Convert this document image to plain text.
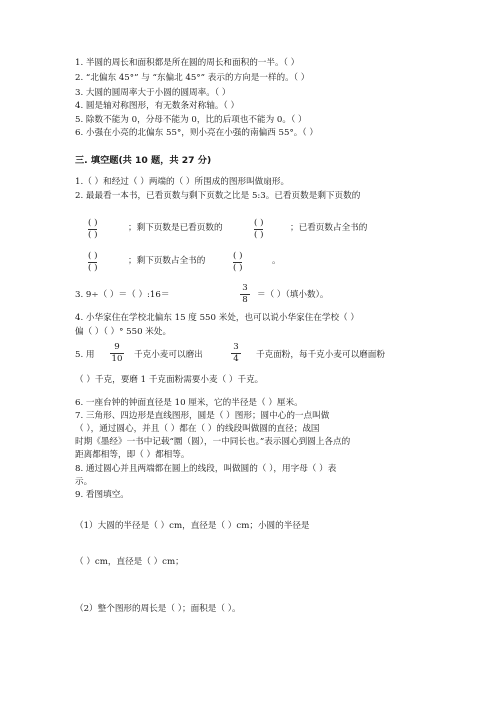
1. 半圆的周长和面积都是所在圆的周长和面积的一半。（ ）
2. “北偏东 45°” 与 “东偏北 45°” 表示的方向是一样的。（ ）
3. 大圆的圆周率大于小圆的圆周率。（ ）
4. 圆是轴对称图形，有无数条对称轴。（ ）
5. 除数不能为 0，分母不能为 0，比的后项也不能为 0。（ ）
6. 小强在小亮的北偏东 55°，则小亮在小强的南偏西 55°。（ ）
三. 填空题(共 10 题，共 27 分)
1.（ ）和经过（ ）两端的（ ）所围成的图形叫做扇形。
2. 最最看一本书，已看页数与剩下页数之比是 5:3。已看页数是剩下页数的
( )
( )
；剩下页数是已看页数的	( )
( )
；已看页数占全书的
( )
( )
；剩下页数占全书的	( )
( )
。
3. 9÷（ ）＝（ ）:16＝
3
8 ＝（ ）（填小数）。
4. 小华家住在学校北偏东 15 度 550 米处，也可以说小华家住在学校（ ）
偏（ ）（ ）° 550 米处。
5. 用
9
10 千克小麦可以磨出
3
4 千克面粉，每千克小麦可以磨面粉
（ ）千克，要磨 1 千克面粉需要小麦（ ）千克。
6. 一座台钟的钟面直径是 10 厘米，它的半径是（ ）厘米。
7. 三角形、四边形是直线图形，圆是（ ）图形；圆中心的一点叫做
（ ），通过圆心，并且（ ）都在（ ）的线段叫做圆的直径；战国
时期《墨经》一书中记载“圜（圆），一中同长也。”表示圆心到圆上各点的
距离都相等，即（ ）都相等。
8. 通过圆心并且两端都在圆上的线段，叫做圆的（ ），用字母（ ）表
示。
9. 看图填空。
（1）大圆的半径是（ ）cm，直径是（ ）cm；小圆的半径是
（ ）cm，直径是（ ）cm；
（2）整个图形的周长是（ ）；面积是（ ）。
